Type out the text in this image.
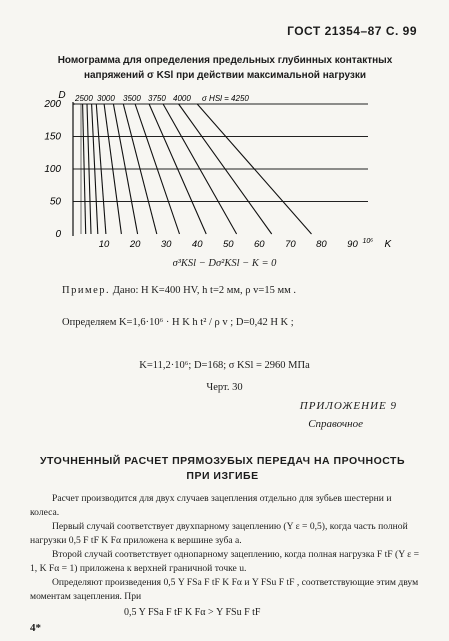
ГОСТ 21354–87 С. 99
Номограмма для определения предельных глубинных контактных
напряжений σ KSl при действии максимальной нагрузки
0
50
100
150
200
D
10 20 30 40 50 60 70 80 90 10⁶ K
2500 3000 3500 3750 4000 σ HSl = 4250
σ³KSl − Dσ²KSl − K = 0
Пример. Дано: H K=400 HV, h t=2 мм, ρ v=15 мм .
Определяем K=1,6·10⁶ · H K h t² / ρ v ; D=0,42 H K ;
K=11,2·10⁶; D=168; σ KSl = 2960 МПа
Черт. 30
ПРИЛОЖЕНИЕ 9
Справочное
УТОЧНЕННЫЙ РАСЧЕТ ПРЯМОЗУБЫХ ПЕРЕДАЧ НА ПРОЧНОСТЬ
ПРИ ИЗГИБЕ
Расчет производится для двух случаев зацепления отдельно для зубьев шестерни и колеса.
Первый случай соответствует двухпарному зацеплению (Y ε = 0,5), когда часть полной нагрузки 0,5 F tF K Fα приложена к вершине зуба a.
Второй случай соответствует однопарному зацеплению, когда полная нагрузка F tF (Y ε = 1, K Fα = 1) приложена к верхней граничной точке u.
Определяют произведения 0,5 Y FSa F tF K Fα и Y FSu F tF , соответствующие этим двум моментам зацепления. При
0,5 Y FSa F tF K Fα > Y FSu F tF
4*
